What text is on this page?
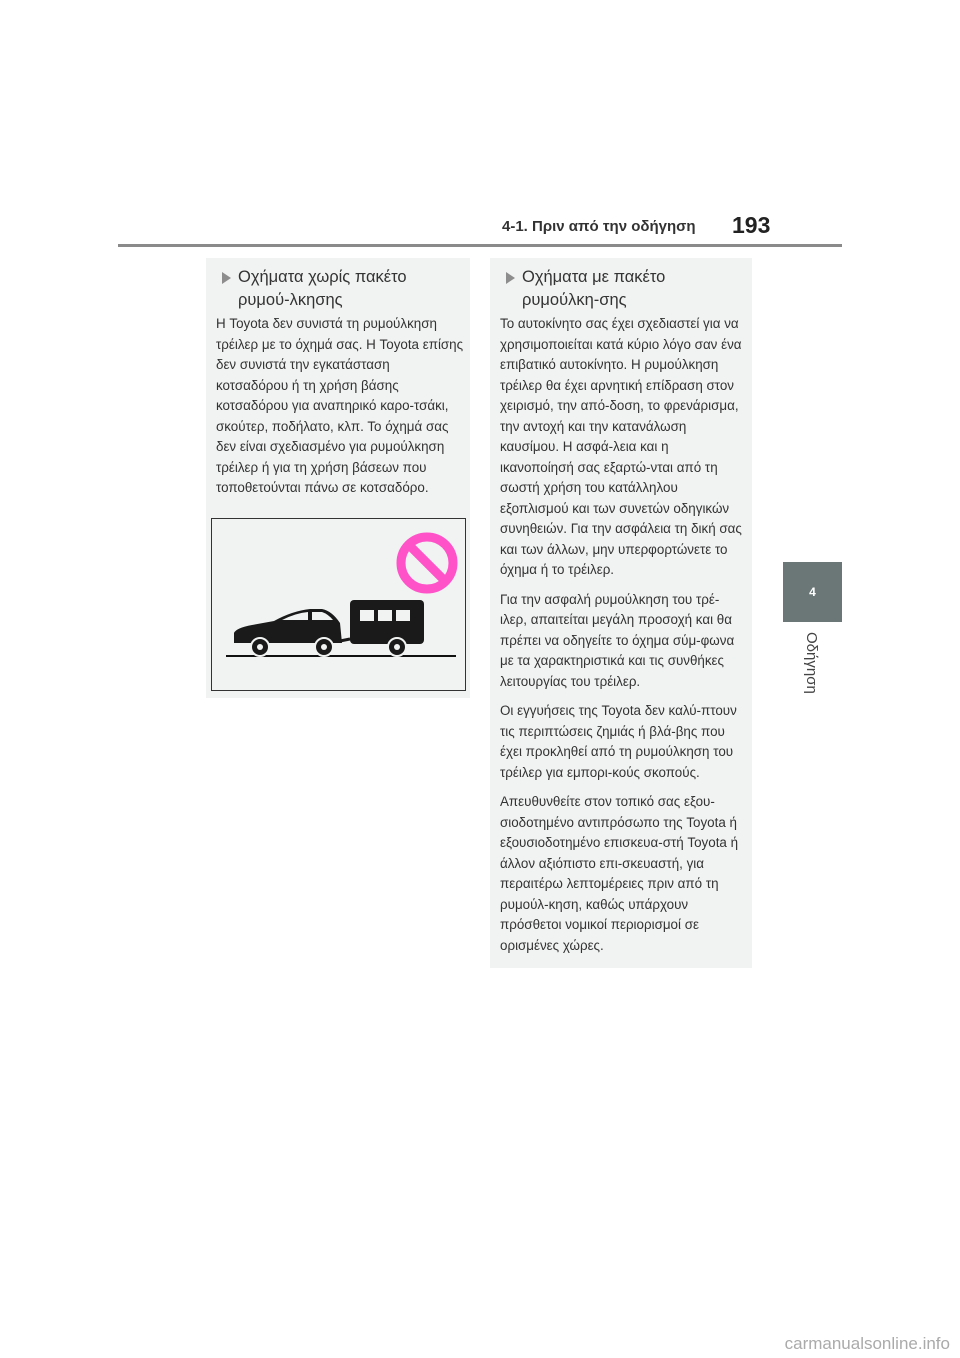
4-1. Πριν από την οδήγηση 193
4
Οδήγηση
Οχήματα χωρίς πακέτο ρυμού-λκησης

Η Toyota δεν συνιστά τη ρυμούλκηση τρέιλερ με το όχημά σας. Η Toyota επίσης δεν συνιστά την εγκατάσταση κοτσαδόρου ή τη χρήση βάσης κοτσαδόρου για αναπηρικό καρο-τσάκι, σκούτερ, ποδήλατο, κλπ. Το όχημά σας δεν είναι σχεδιασμένο για ρυμούλκηση τρέιλερ ή για τη χρήση βάσεων που τοποθετούνται πάνω σε κοτσαδόρο.

Οχήματα με πακέτο ρυμούλκη-σης

Το αυτοκίνητο σας έχει σχεδιαστεί για να χρησιμοποιείται κατά κύριο λόγο σαν ένα επιβατικό αυτοκίνητο. Η ρυμούλκηση τρέιλερ θα έχει αρνητική επίδραση στον χειρισμό, την από-δοση, το φρενάρισμα, την αντοχή και την κατανάλωση καυσίμου. Η ασφά-λεια και η ικανοποίησή σας εξαρτώ-νται από τη σωστή χρήση του κατάλληλου εξοπλισμού και των συνετών οδηγικών συνηθειών. Για την ασφάλεια τη δική σας και των άλλων, μην υπερφορτώνετε το όχημα ή το τρέιλερ.

Για την ασφαλή ρυμούλκηση του τρέ-ιλερ, απαιτείται μεγάλη προσοχή και θα πρέπει να οδηγείτε το όχημα σύμ-φωνα με τα χαρακτηριστικά και τις συνθήκες λειτουργίας του τρέιλερ.

Οι εγγυήσεις της Toyota δεν καλύ-πτουν τις περιπτώσεις ζημιάς ή βλά-βης που έχει προκληθεί από τη ρυμούλκηση του τρέιλερ για εμπορι-κούς σκοπούς.

Απευθυνθείτε στον τοπικό σας εξου-σιοδοτημένο αντιπρόσωπο της Toyota ή εξουσιοδοτημένο επισκευα-στή Toyota ή άλλον αξιόπιστο επι-σκευαστή, για περαιτέρω λεπτομέρειες πριν από τη ρυμούλ-κηση, καθώς υπάρχουν πρόσθετοι νομικοί περιορισμοί σε ορισμένες χώρες.

carmanualsonline.info
